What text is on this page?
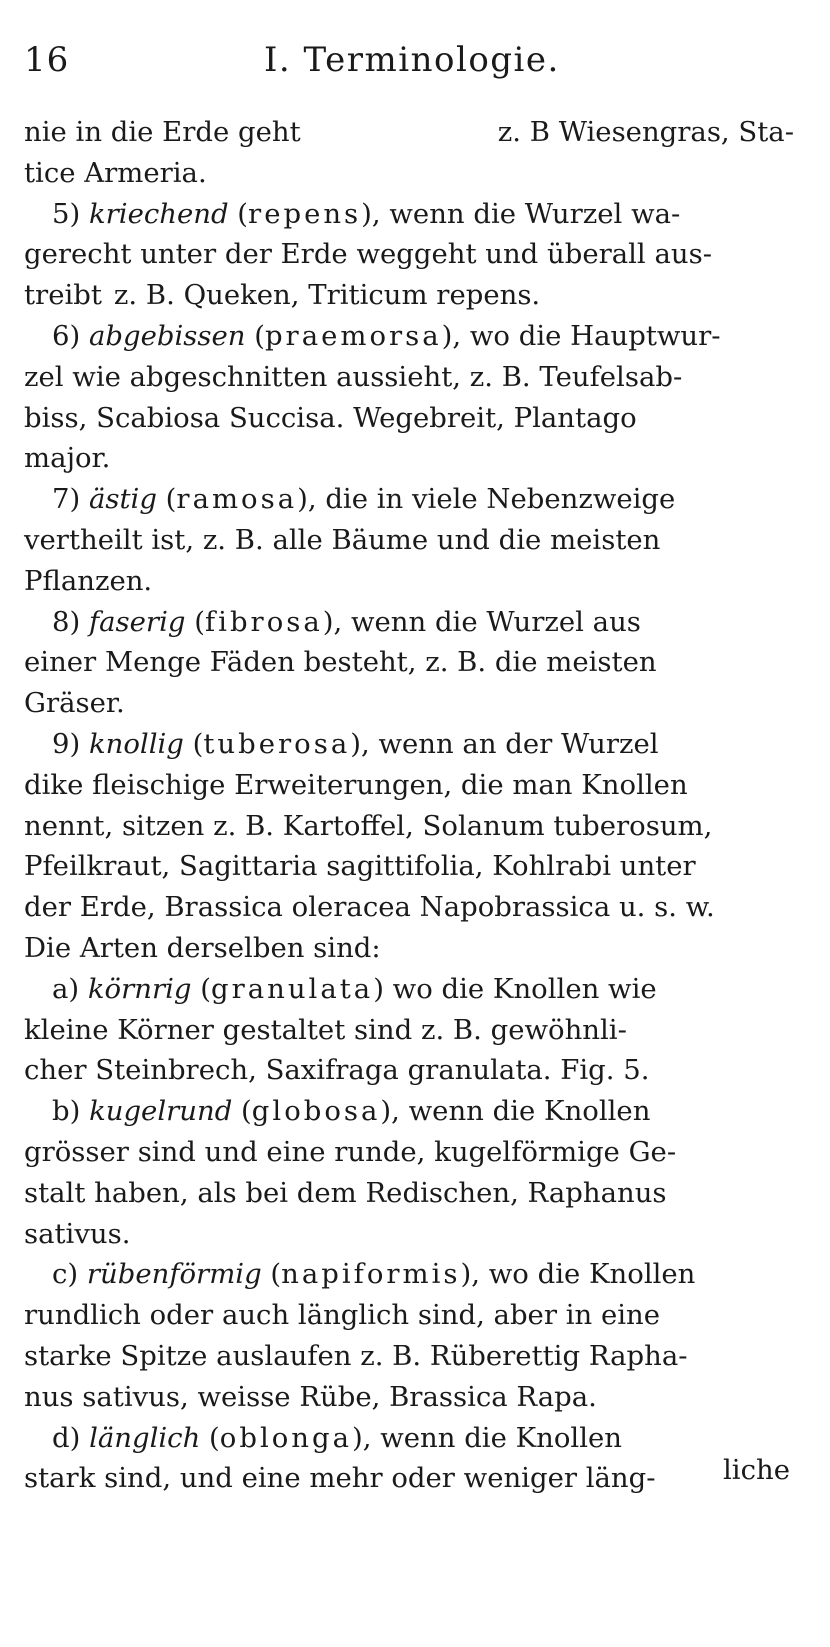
16	I. Terminologie.
nie in die Erde geht	z. B Wiesengras, Sta-
tice Armeria.
5) kriechend (repens), wenn die Wurzel wa-
gerecht unter der Erde weggeht und überall aus-
treibt z. B. Queken, Triticum repens.
6) abgebissen (praemorsa), wo die Hauptwur-
zel wie abgeschnitten aussieht, z. B. Teufelsab-
biss, Scabiosa Succisa. Wegebreit, Plantago
major.
7) ästig (ramosa), die in viele Nebenzweige
vertheilt ist, z. B. alle Bäume und die meisten
Pflanzen.
8) faserig (fibrosa), wenn die Wurzel aus
einer Menge Fäden besteht, z. B. die meisten
Gräser.
9) knollig (tuberosa), wenn an der Wurzel
dike fleischige Erweiterungen, die man Knollen
nennt, sitzen z. B. Kartoffel, Solanum tuberosum,
Pfeilkraut, Sagittaria sagittifolia, Kohlrabi unter
der Erde, Brassica oleracea Napobrassica u. s. w.
Die Arten derselben sind:
a) körnrig (granulata) wo die Knollen wie
kleine Körner gestaltet sind z. B. gewöhnli-
cher Steinbrech, Saxifraga granulata. Fig. 5.
b) kugelrund (globosa), wenn die Knollen
grösser sind und eine runde, kugelförmige Ge-
stalt haben, als bei dem Redischen, Raphanus
sativus.
c) rübenförmig (napiformis), wo die Knollen
rundlich oder auch länglich sind, aber in eine
starke Spitze auslaufen z. B. Rüberettig Rapha-
nus sativus, weisse Rübe, Brassica Rapa.
d) länglich (oblonga), wenn die Knollen
stark sind, und eine mehr oder weniger läng- liche
